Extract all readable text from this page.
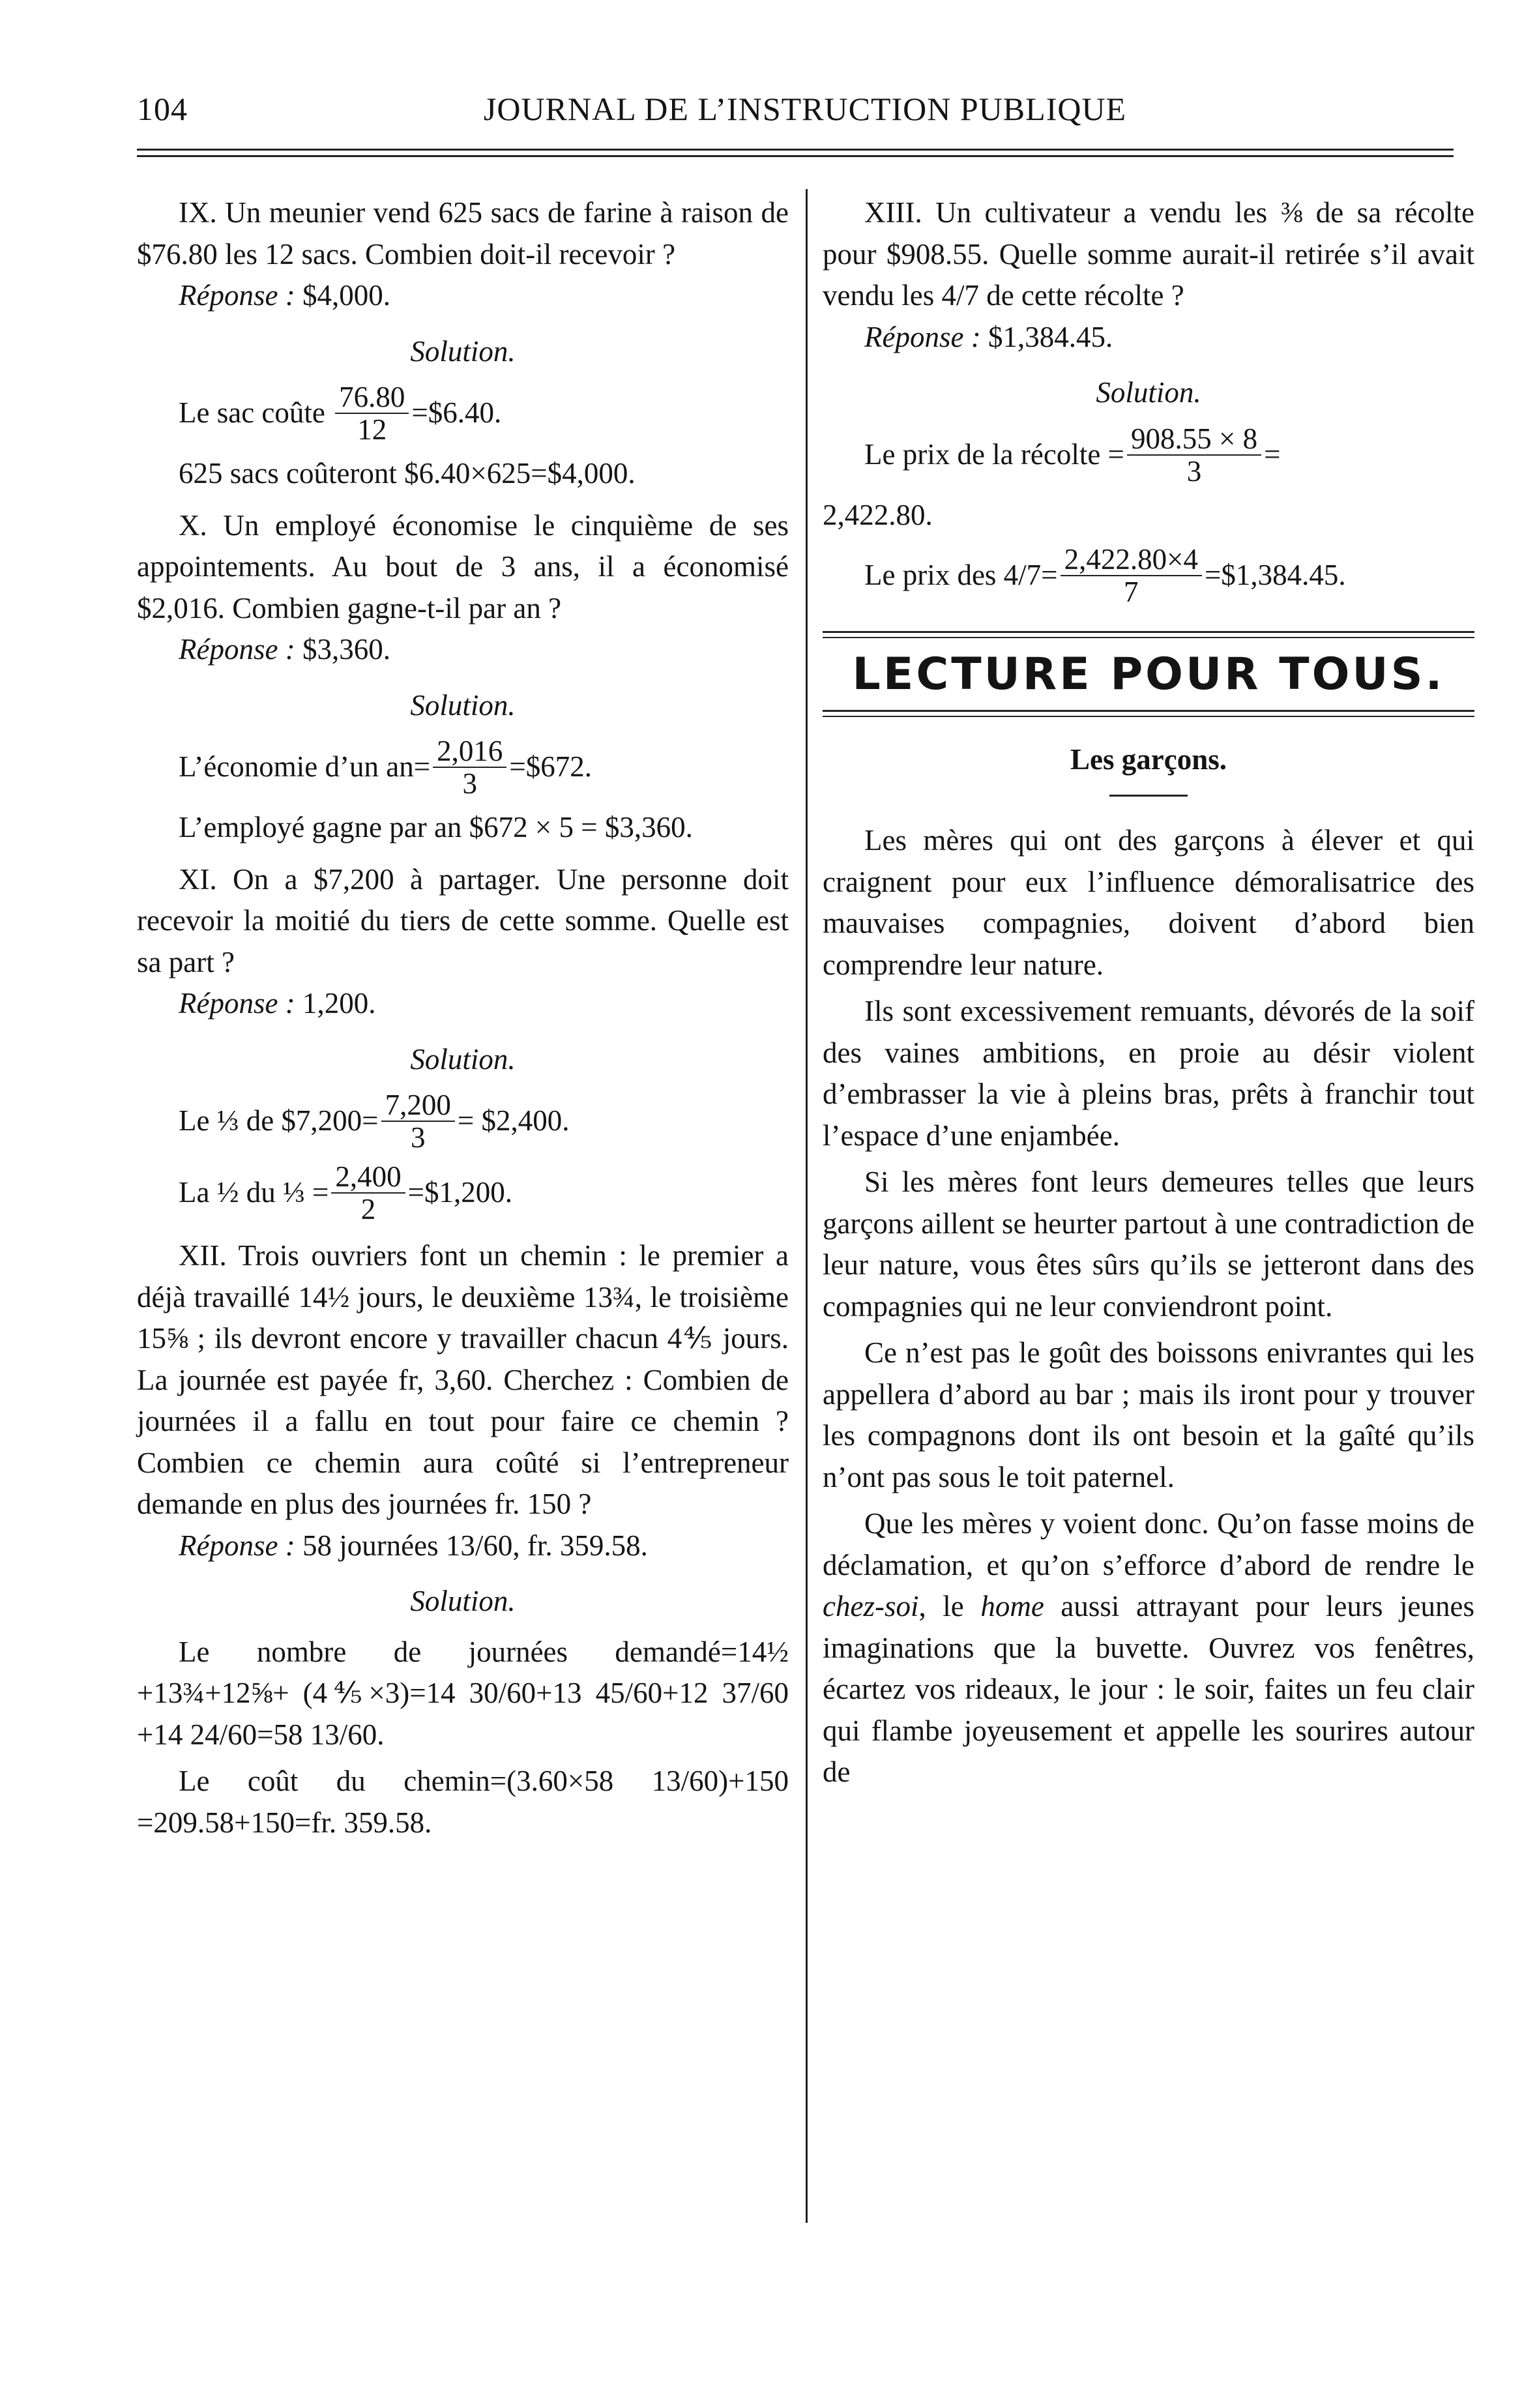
104	JOURNAL DE L’INSTRUCTION PUBLIQUE

IX. Un meunier vend 625 sacs de farine à raison de $76.80 les 12 sacs. Combien doit-il recevoir ?

Réponse : $4,000.

Solution.
Le sac coûte
$\frac{76.80}{12}$ =$6.40.
625 sacs coûteront $6.40×625=$4,000.

X. Un employé économise le cinquième de ses appointements. Au bout de 3 ans, il a économisé $2,016. Combien gagne-t-il par an ?

Réponse : $3,360.

Solution.
L’économie d’un $an= \frac{2,016}{3}$ =$672.

L’employé gagne par an $672 × 5 = $3,360.

XI. On a $7,200 à partager. Une personne doit recevoir la moitié du tiers de cette somme. Quelle est sa part ?

Réponse : 1,200.

Solution.
Le ⅓ de $7,200= $\frac{7,200}{3}$ = $2,400.
La ½ du ⅓ = $\frac{2,400}{2}$ =$1,200.

XII. Trois ouvriers font un chemin : le premier a déjà travaillé 14½ jours, le deuxième 13¾, le troisième 15⅝ ; ils devront encore y travailler chacun 4⅘ jours. La journée est payée fr, 3,60. Cherchez : Combien de journées il a fallu en tout pour faire ce chemin ? Combien ce chemin aura coûté si l’entrepreneur demande en plus des journées fr. 150 ?

Réponse : 58 journées 13/60, fr. 359.58.

Solution.

Le nombre de journées demandé=14½ +13¾+12⅝+ (4⅘×3)=14 30/60+13 45/60+12 37/60 +14 24/60=58 13/60.

Le coût du chemin=(3.60×58 13/60)+150 =209.58+150=fr. 359.58.

XIII. Un cultivateur a vendu les ⅜ de sa récolte pour $908.55. Quelle somme aurait-il retirée s’il avait vendu les 4/7 de cette récolte ?

Réponse : $1,384.45.

Solution.
Le prix de la récolte = $\frac{908.55 \times 8}{3}$ =
2,422.80.
Le prix des $4/7= \frac{2,422.80\times 4}{7}$ =$1,384.45.
LECTURE POUR TOUS.
Les garçons.

Les mères qui ont des garçons à élever et qui craignent pour eux l’influence démoralisatrice des mauvaises compagnies, doivent d’abord bien comprendre leur nature.

Ils sont excessivement remuants, dévorés de la soif des vaines ambitions, en proie au désir violent d’embrasser la vie à pleins bras, prêts à franchir tout l’espace d’une enjambée.

Si les mères font leurs demeures telles que leurs garçons aillent se heurter partout à une contradiction de leur nature, vous êtes sûrs qu’ils se jetteront dans des compagnies qui ne leur conviendront point.

Ce n’est pas le goût des boissons enivrantes qui les appellera d’abord au bar ; mais ils iront pour y trouver les compagnons dont ils ont besoin et la gaîté qu’ils n’ont pas sous le toit paternel.

Que les mères y voient donc. Qu’on fasse moins de déclamation, et qu’on s’efforce d’abord de rendre le chez-soi, le home aussi attrayant pour leurs jeunes imaginations que la buvette. Ouvrez vos fenêtres, écartez vos rideaux, le jour : le soir, faites un feu clair qui flambe joyeusement et appelle les sourires autour de
